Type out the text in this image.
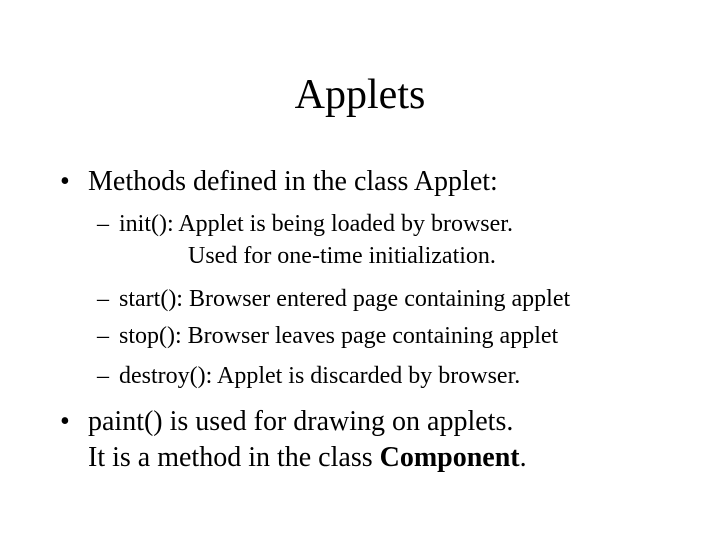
Applets
• Methods defined in the class Applet:
– init(): Applet is being loaded by browser.
Used for one-time initialization.
– start(): Browser entered page containing applet
– stop(): Browser leaves page containing applet
– destroy(): Applet is discarded by browser.
• paint() is used for drawing on applets.
It is a method in the class Component.
